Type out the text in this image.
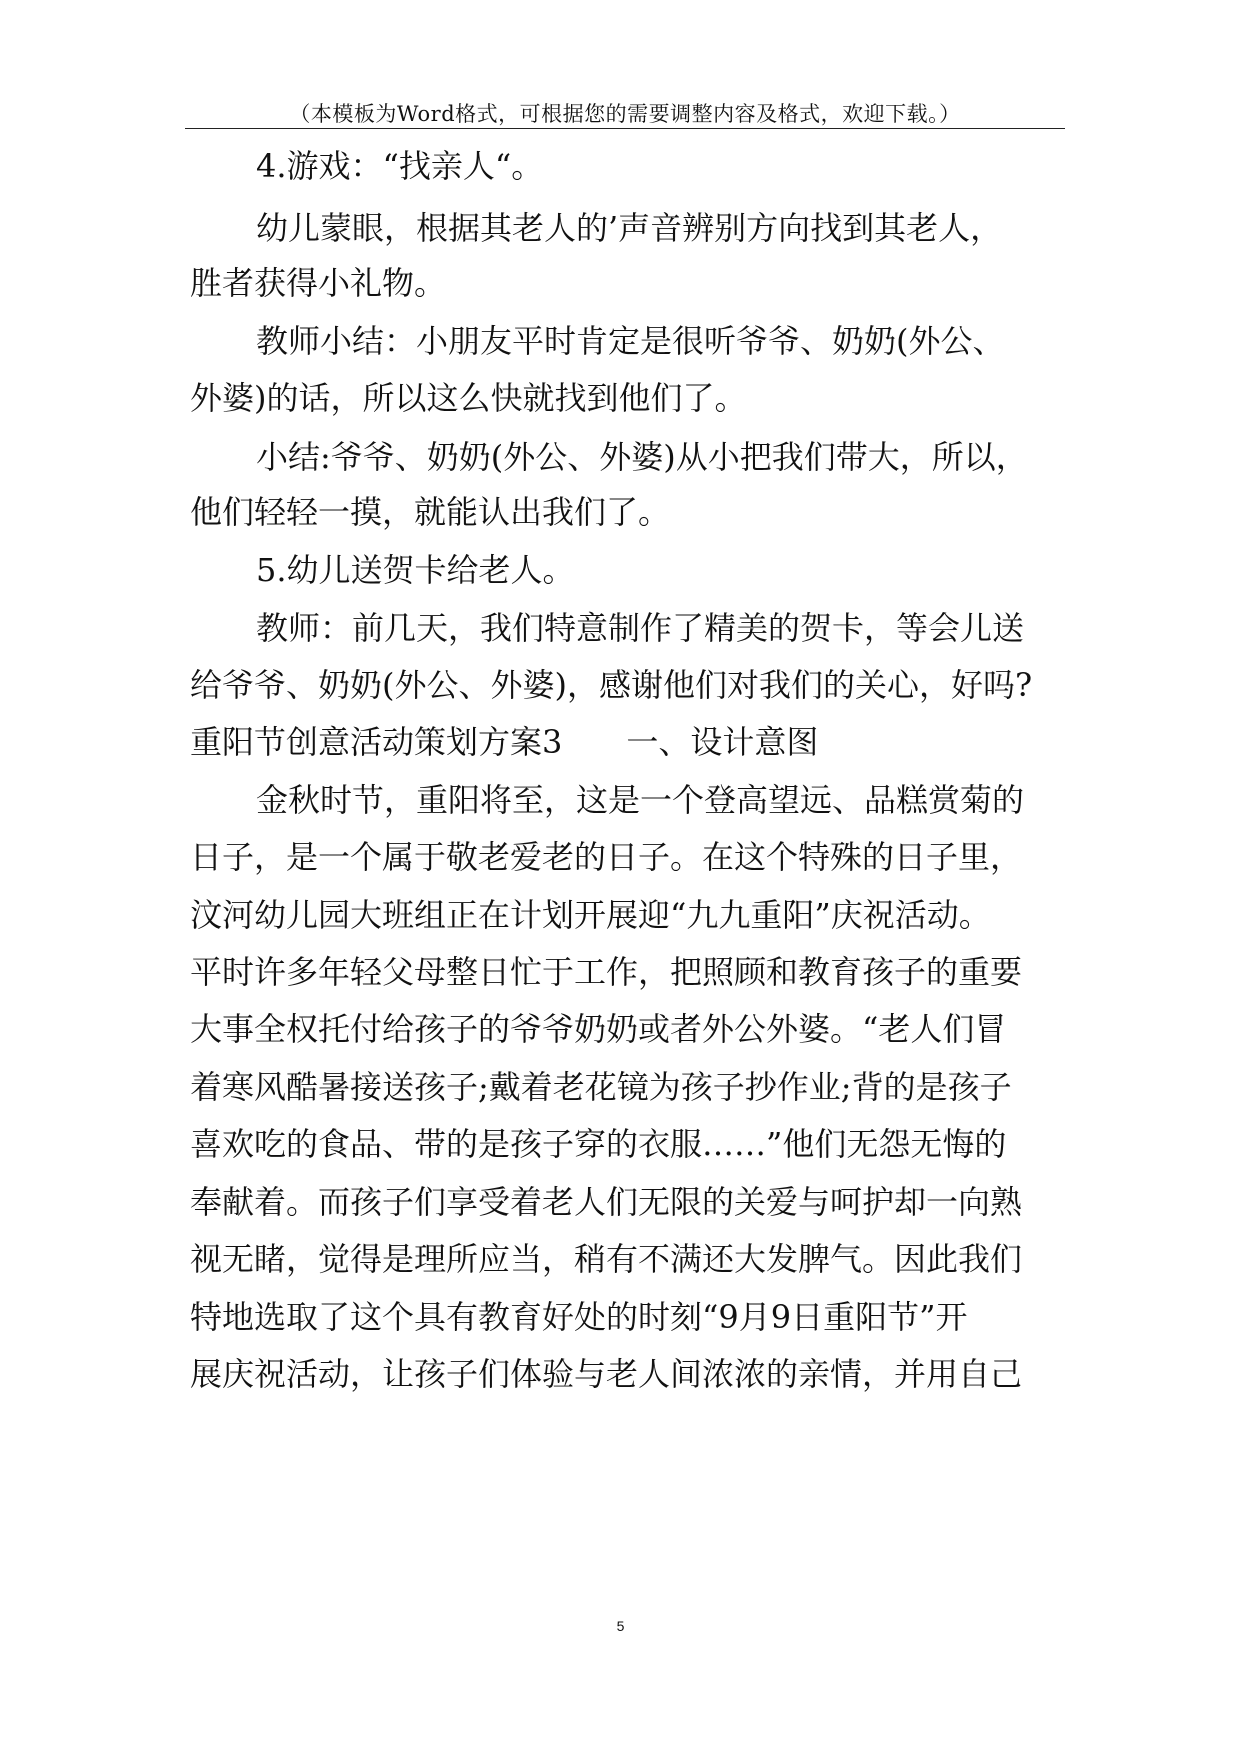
（本模板为Word格式，可根据您的需要调整内容及格式，欢迎下载。）
4.游戏：“找亲人“。
幼儿蒙眼，根据其老人的’声音辨别方向找到其老人，
胜者获得小礼物。
教师小结：小朋友平时肯定是很听爷爷、奶奶(外公、
外婆)的话，所以这么快就找到他们了。
小结:爷爷、奶奶(外公、外婆)从小把我们带大，所以，
他们轻轻一摸，就能认出我们了。
5.幼儿送贺卡给老人。
教师：前几天，我们特意制作了精美的贺卡，等会儿送
给爷爷、奶奶(外公、外婆)，感谢他们对我们的关心，好吗?
重阳节创意活动策划方案3　　一、设计意图
金秋时节，重阳将至，这是一个登高望远、品糕赏菊的
日子，是一个属于敬老爱老的日子。在这个特殊的日子里，
汶河幼儿园大班组正在计划开展迎“九九重阳”庆祝活动。
平时许多年轻父母整日忙于工作，把照顾和教育孩子的重要
大事全权托付给孩子的爷爷奶奶或者外公外婆。“老人们冒
着寒风酷暑接送孩子;戴着老花镜为孩子抄作业;背的是孩子
喜欢吃的食品、带的是孩子穿的衣服……”他们无怨无悔的
奉献着。而孩子们享受着老人们无限的关爱与呵护却一向熟
视无睹，觉得是理所应当，稍有不满还大发脾气。因此我们
特地选取了这个具有教育好处的时刻“9月9日重阳节”开
展庆祝活动，让孩子们体验与老人间浓浓的亲情，并用自己
5
